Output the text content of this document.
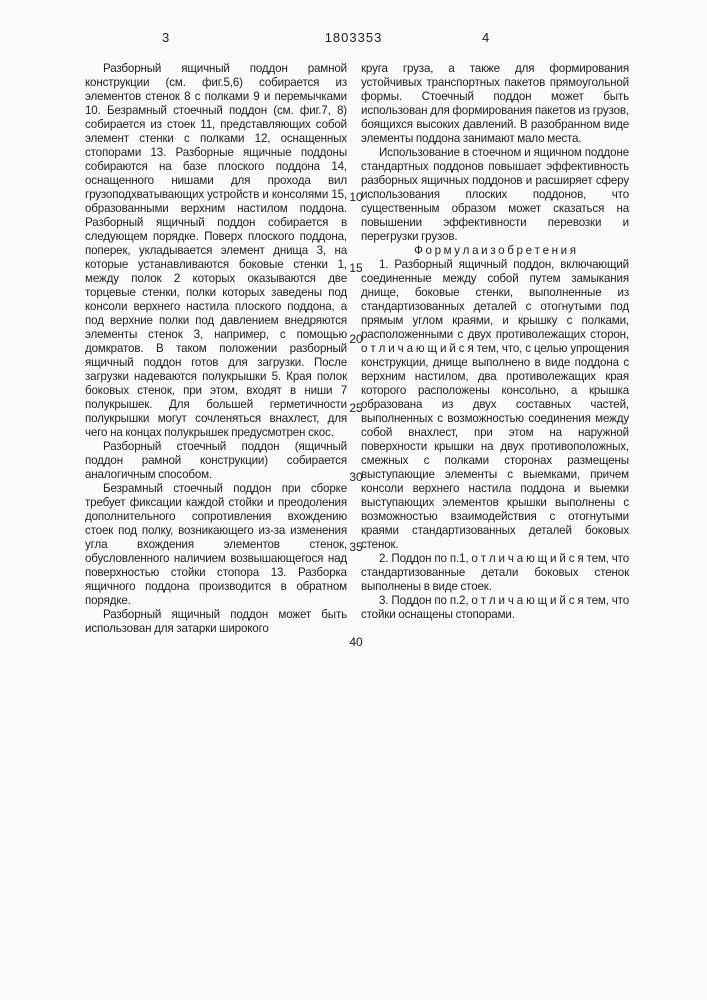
3	1803353	4

Разборный ящичный поддон рамной конструкции (см. фиг.5,6) собирается из элементов стенок 8 с полками 9 и перемычками 10. Безрамный стоечный поддон (см. фиг.7, 8) собирается из стоек 11, представляющих собой элемент стенки с полками 12, оснащенных стопорами 13. Разборные ящичные поддоны собираются на базе плоского поддона 14, оснащенного нишами для прохода вил грузоподхватывающих устройств и консолями 15, образованными верхним настилом поддона. Разборный ящичный поддон собирается в следующем порядке. Поверх плоского поддона, поперек, укладывается элемент днища 3, на которые устанавливаются боковые стенки 1, между полок 2 которых оказываются две торцевые стенки, полки которых заведены под консоли верхнего настила плоского поддона, а под верхние полки под давлением внедряются элементы стенок 3, например, с помощью домкратов. В таком положении разборный ящичный поддон готов для загрузки. После загрузки надеваются полукрышки 5. Края полок боковых стенок, при этом, входят в ниши 7 полукрышек. Для большей герметичности полукрышки могут сочленяться внахлест, для чего на концах полукрышек предусмотрен скос.

Разборный стоечный поддон (ящичный поддон рамной конструкции) собирается аналогичным способом.

Безрамный стоечный поддон при сборке требует фиксации каждой стойки и преодоления дополнительного сопротивления вхождению стоек под полку, возникающего из-за изменения угла вхождения элементов стенок, обусловленного наличием возвышающегося над поверхностью стойки стопора 13. Разборка ящичного поддона производится в обратном порядке.

Разборный ящичный поддон может быть использован для затарки широкого

круга груза, а также для формирования устойчивых транспортных пакетов прямоугольной формы. Стоечный поддон может быть использован для формирования пакетов из грузов, боящихся высоких давлений. В разобранном виде элементы поддона занимают мало места.

Использование в стоечном и ящичном поддоне стандартных поддонов повышает эффективность разборных ящичных поддонов и расширяет сферу использования плоских поддонов, что существенным образом может сказаться на повышении эффективности перевозки и перегрузки грузов.

Ф о р м у л а и з о б р е т е н и я

1. Разборный ящичный поддон, включающий соединенные между собой путем замыкания днище, боковые стенки, выполненные из стандартизованных деталей с отогнутыми под прямым углом краями, и крышку с полками, расположенными с двух противолежащих сторон, о т л и ч а ю щ и й с я тем, что, с целью упрощения конструкции, днище выполнено в виде поддона с верхним настилом, два противолежащих края которого расположены консольно, а крышка образована из двух составных частей, выполненных с возможностью соединения между собой внахлест, при этом на наружной поверхности крышки на двух противоположных, смежных с полками сторонах размещены выступающие элементы с выемками, причем консоли верхнего настила поддона и выемки выступающих элементов крышки выполнены с возможностью взаимодействия с отогнутыми краями стандартизованных деталей боковых стенок.

2. Поддон по п.1, о т л и ч а ю щ и й с я тем, что стандартизованные детали боковых стенок выполнены в виде стоек.

3. Поддон по п.2, о т л и ч а ю щ и й с я тем, что стойки оснащены стопорами.

10
15
20
25
30
35
40
